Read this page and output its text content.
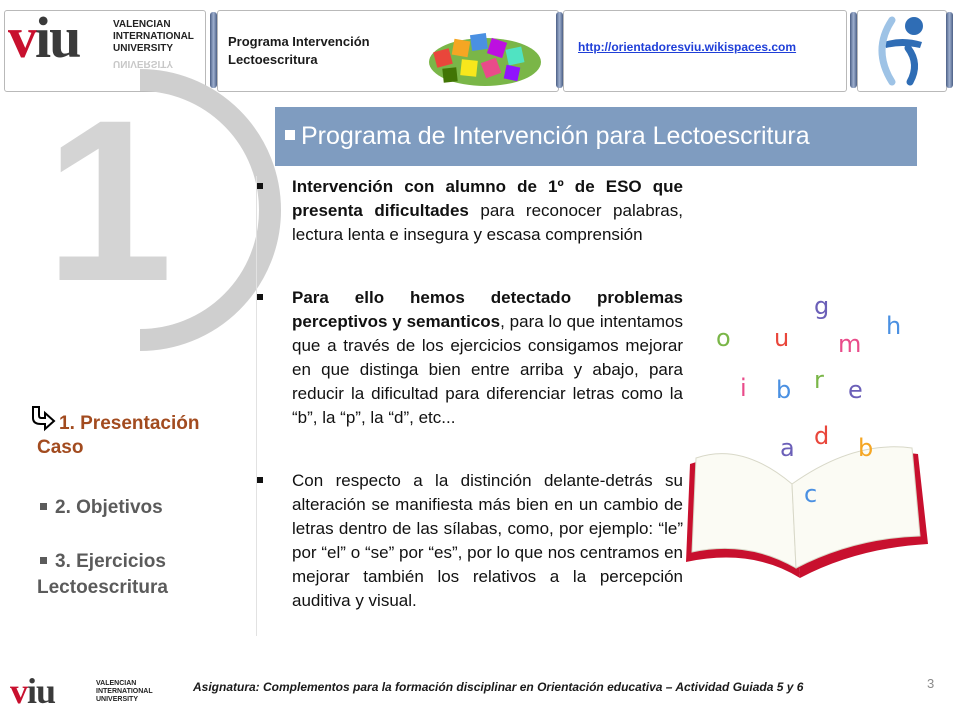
viu	VALENCIAN
INTERNATIONAL
UNIVERSITY
UNIVERSITY
Programa Intervención
Lectoescritura
http://orientadoresviu.wikispaces.com
1	Programa de Intervención para Lectoescritura
1. Presentación
Caso
2. Objetivos
3. Ejercicios
Lectoescritura

Intervención con alumno de 1º de ESO que presenta dificultades para reconocer palabras, lectura lenta e insegura y escasa comprensión

Para ello hemos detectado problemas perceptivos y semanticos, para lo que intentamos que a través de los ejercicios consigamos mejorar en que distinga bien entre arriba y abajo, para reducir la dificultad para diferenciar letras como la “b”, la “p”, la “d”, etc...

Con respecto a la distinción delante-detrás su alteración se manifiesta más bien en un cambio de letras dentro de las sílabas, como, por ejemplo: “le” por “el” o “se” por “es”, por lo que nos centramos en mejorar también los relativos a la percepción auditiva y visual.

g
o u	h
m
i b r e
a d b
c
viu	VALENCIAN
INTERNATIONAL
UNIVERSITY
Asignatura: Complementos para la formación disciplinar en Orientación educativa – Actividad Guiada 5 y 6	3
